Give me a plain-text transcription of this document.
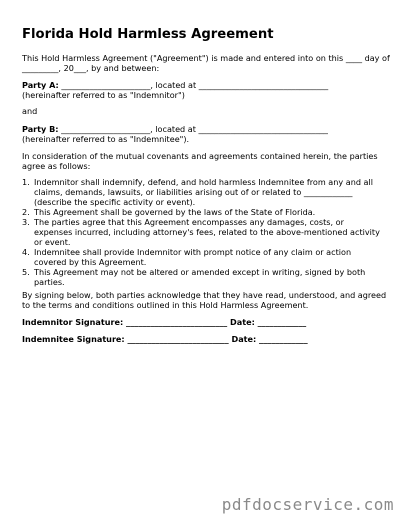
Florida Hold Harmless Agreement

This Hold Harmless Agreement ("Agreement") is made and entered into on this ____ day of

_________, 20___, by and between:

Party A: ______________________, located at ________________________________

(hereinafter referred to as "Indemnitor")

and

Party B: ______________________, located at ________________________________

(hereinafter referred to as "Indemnitee").

In consideration of the mutual covenants and agreements contained herein, the parties

agree as follows:

1. Indemnitor shall indemnify, defend, and hold harmless Indemnitee from any and all
claims, demands, lawsuits, or liabilities arising out of or related to ____________
(describe the specific activity or event).
2. This Agreement shall be governed by the laws of the State of Florida.
3. The parties agree that this Agreement encompasses any damages, costs, or
expenses incurred, including attorney's fees, related to the above-mentioned activity
or event.
4. Indemnitee shall provide Indemnitor with prompt notice of any claim or action
covered by this Agreement.
5. This Agreement may not be altered or amended except in writing, signed by both
parties.

By signing below, both parties acknowledge that they have read, understood, and agreed

to the terms and conditions outlined in this Hold Harmless Agreement.

Indemnitor Signature: _________________________ Date: ____________
Indemnitee Signature: _________________________ Date: ____________
pdfdocservice.com
